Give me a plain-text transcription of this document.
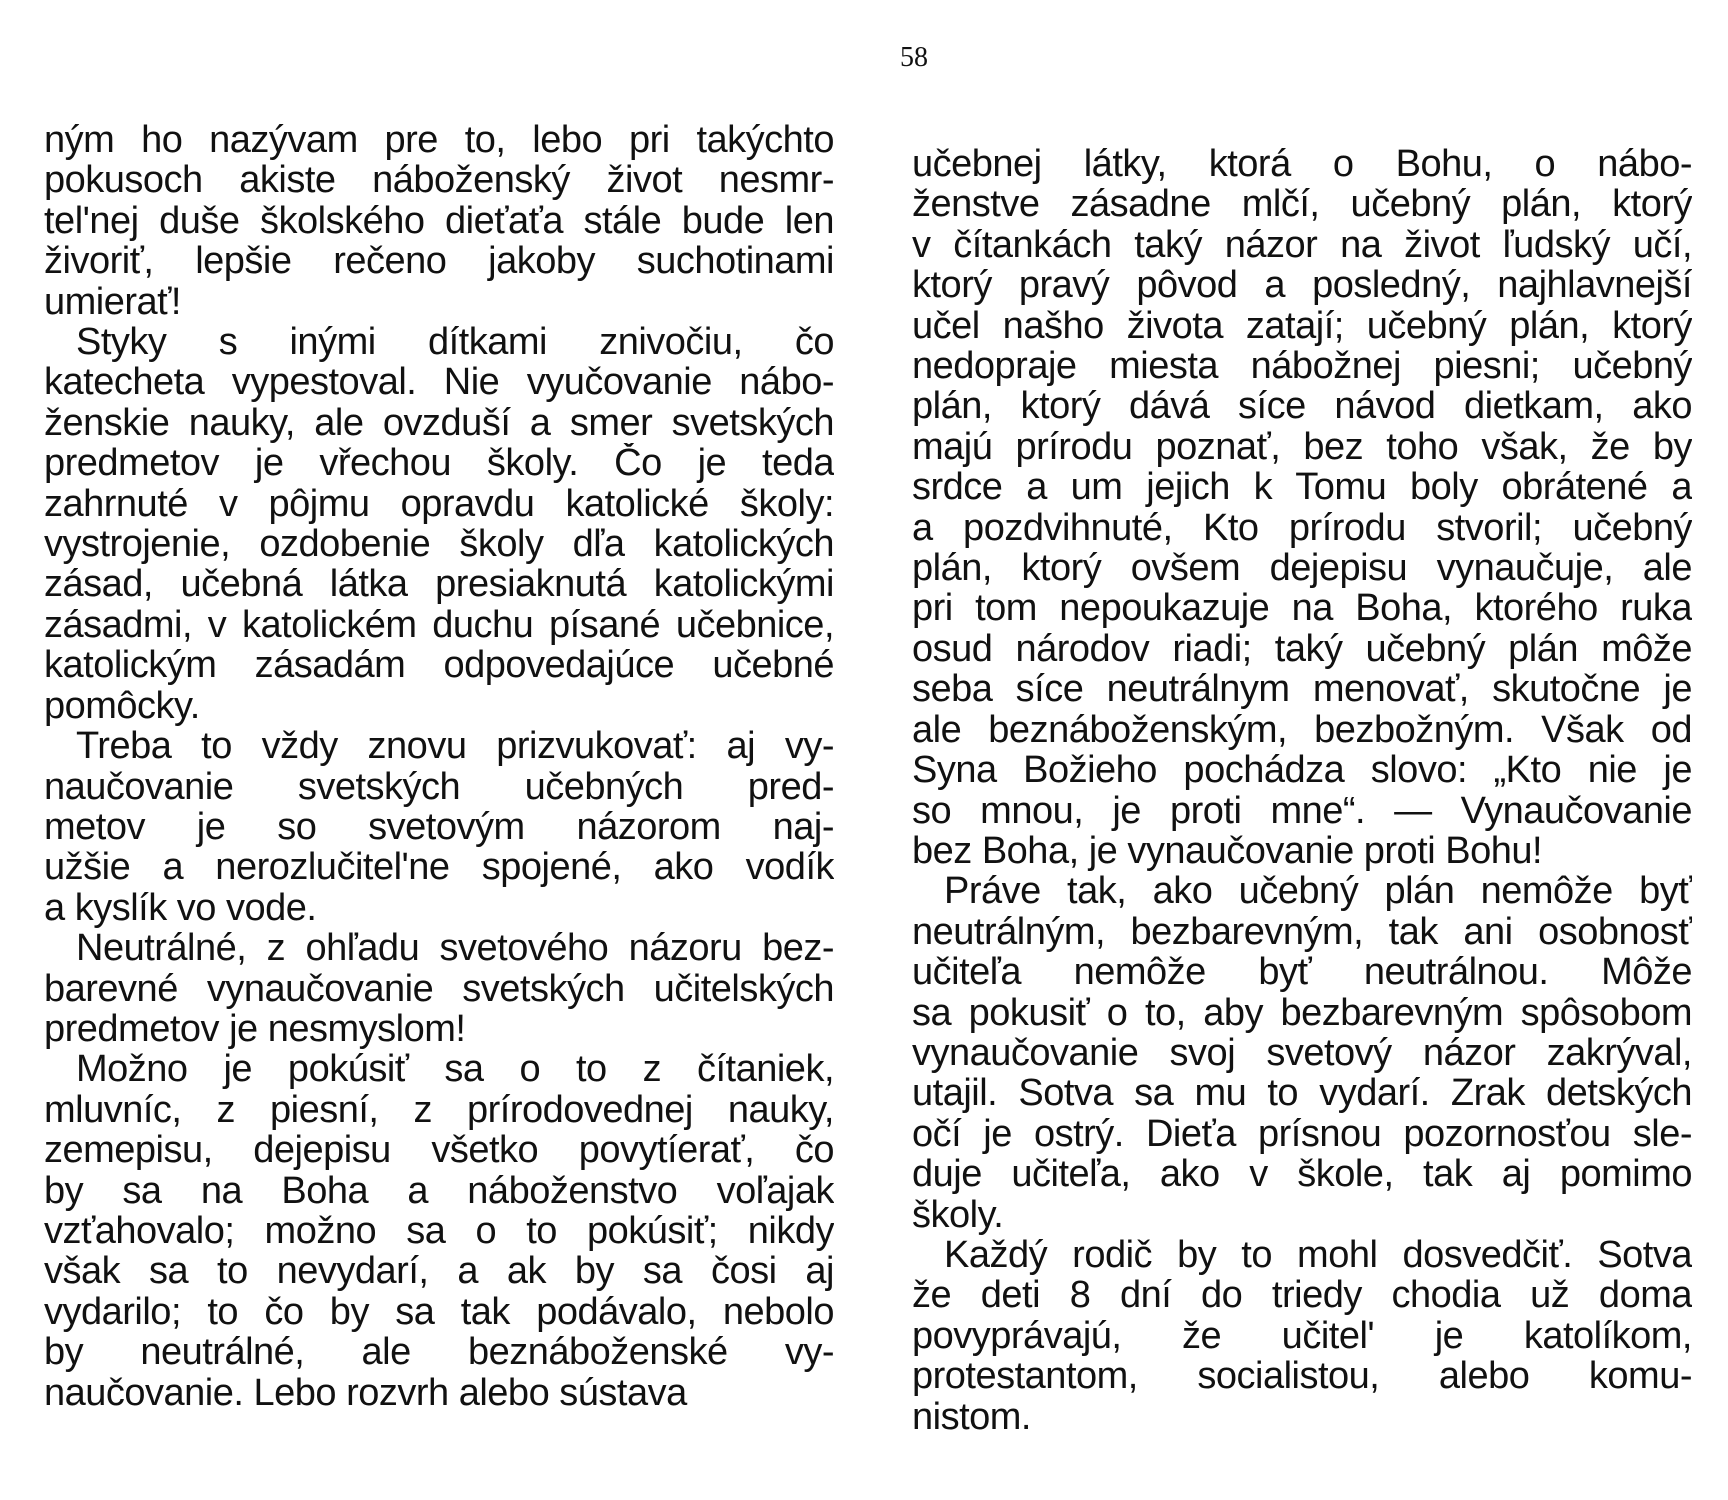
58
ným ho nazývam pre to, lebo pri takýchto
pokusoch akiste náboženský život nesmr-
tel'nej duše školského dieťaťa stále bude len
živoriť, lepšie rečeno jakoby suchotinami
umierať!
Styky s inými dítkami znivočiu, čo
katecheta vypestoval. Nie vyučovanie nábo-
ženskie nauky, ale ovzduší a smer svetských
predmetov je vřechou školy. Čo je teda
zahrnuté v pôjmu opravdu katolické školy:
vystrojenie, ozdobenie školy dľa katolických
zásad, učebná látka presiaknutá katolickými
zásadmi, v katolickém duchu písané učebnice,
katolickým zásadám odpovedajúce učebné
pomôcky.
Treba to vždy znovu prizvukovať: aj vy-
naučovanie svetských učebných pred-
metov je so svetovým názorom naj-
užšie a nerozlučitel'ne spojené, ako vodík
a kyslík vo vode.
Neutrálné, z ohľadu svetového názoru bez-
barevné vynaučovanie svetských učitelských
predmetov je nesmyslom!
Možno je pokúsiť sa o to z čítaniek,
mluvníc, z piesní, z prírodovednej nauky,
zemepisu, dejepisu všetko povytíerať, čo
by sa na Boha a náboženstvo voľajak
vzťahovalo; možno sa o to pokúsiť; nikdy
však sa to nevydarí, a ak by sa čosi aj
vydarilo; to čo by sa tak podávalo, nebolo
by neutrálné, ale beznáboženské vy-
naučovanie. Lebo rozvrh alebo sústava
učebnej látky, ktorá o Bohu, o nábo-
ženstve zásadne mlčí, učebný plán, ktorý
v čítankách taký názor na život ľudský učí,
ktorý pravý pôvod a posledný, najhlavnejší
učel našho života zatají; učebný plán, ktorý
nedopraje miesta nábožnej piesni; učebný
plán, ktorý dává síce návod dietkam, ako
majú prírodu poznať, bez toho však, že by
srdce a um jejich k Tomu boly obrátené a
a pozdvihnuté, Kto prírodu stvoril; učebný
plán, ktorý ovšem dejepisu vynaučuje, ale
pri tom nepoukazuje na Boha, ktorého ruka
osud národov riadi; taký učebný plán môže
seba síce neutrálnym menovať, skutočne je
ale beznáboženským, bezbožným. Však od
Syna Božieho pochádza slovo: „Kto nie je
so mnou, je proti mne“. — Vynaučovanie
bez Boha, je vynaučovanie proti Bohu!
Práve tak, ako učebný plán nemôže byť
neutrálným, bezbarevným, tak ani osobnosť
učiteľa nemôže byť neutrálnou. Môže
sa pokusiť o to, aby bezbarevným spôsobom
vynaučovanie svoj svetový názor zakrýval,
utajil. Sotva sa mu to vydarí. Zrak detských
očí je ostrý. Dieťa prísnou pozornosťou sle-
duje učiteľa, ako v škole, tak aj pomimo
školy.
Každý rodič by to mohl dosvedčiť. Sotva
že deti 8 dní do triedy chodia už doma
povyprávajú, že učitel' je katolíkom,
protestantom, socialistou, alebo komu-
nistom.
